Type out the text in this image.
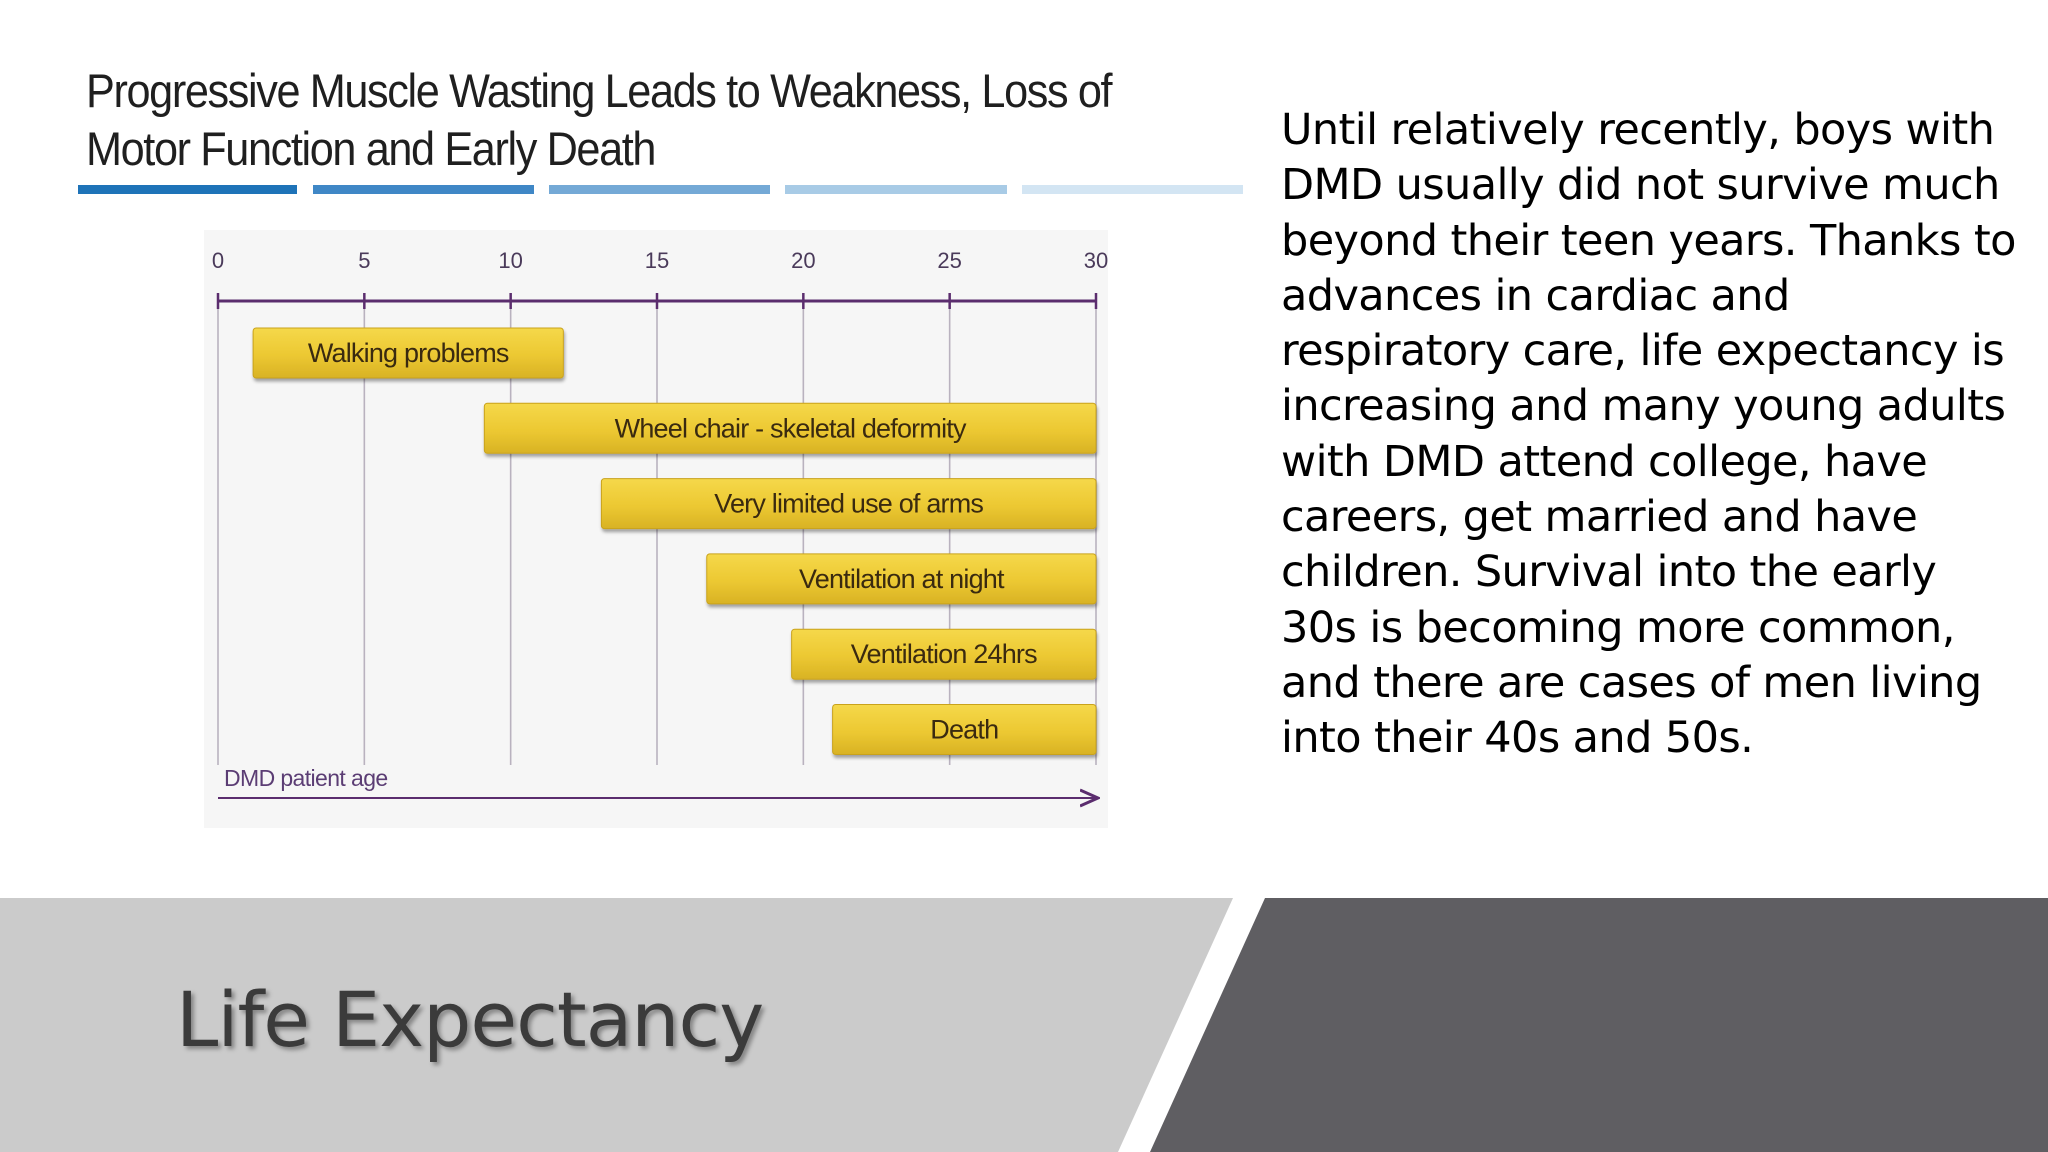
Progressive Muscle Wasting Leads to Weakness, Loss of Motor Function and Early Death
0	5	10	15	20	25	30
Walking problems
Wheel chair - skeletal deformity
Very limited use of arms
Ventilation at night
Ventilation 24hrs
Death
DMD patient age
Until relatively recently, boys with DMD usually did not survive much beyond their teen years. Thanks to advances in cardiac and respiratory care, life expectancy is increasing and many young adults with DMD attend college, have careers, get married and have children. Survival into the early 30s is becoming more common, and there are cases of men living into their 40s and 50s.
Life Expectancy
